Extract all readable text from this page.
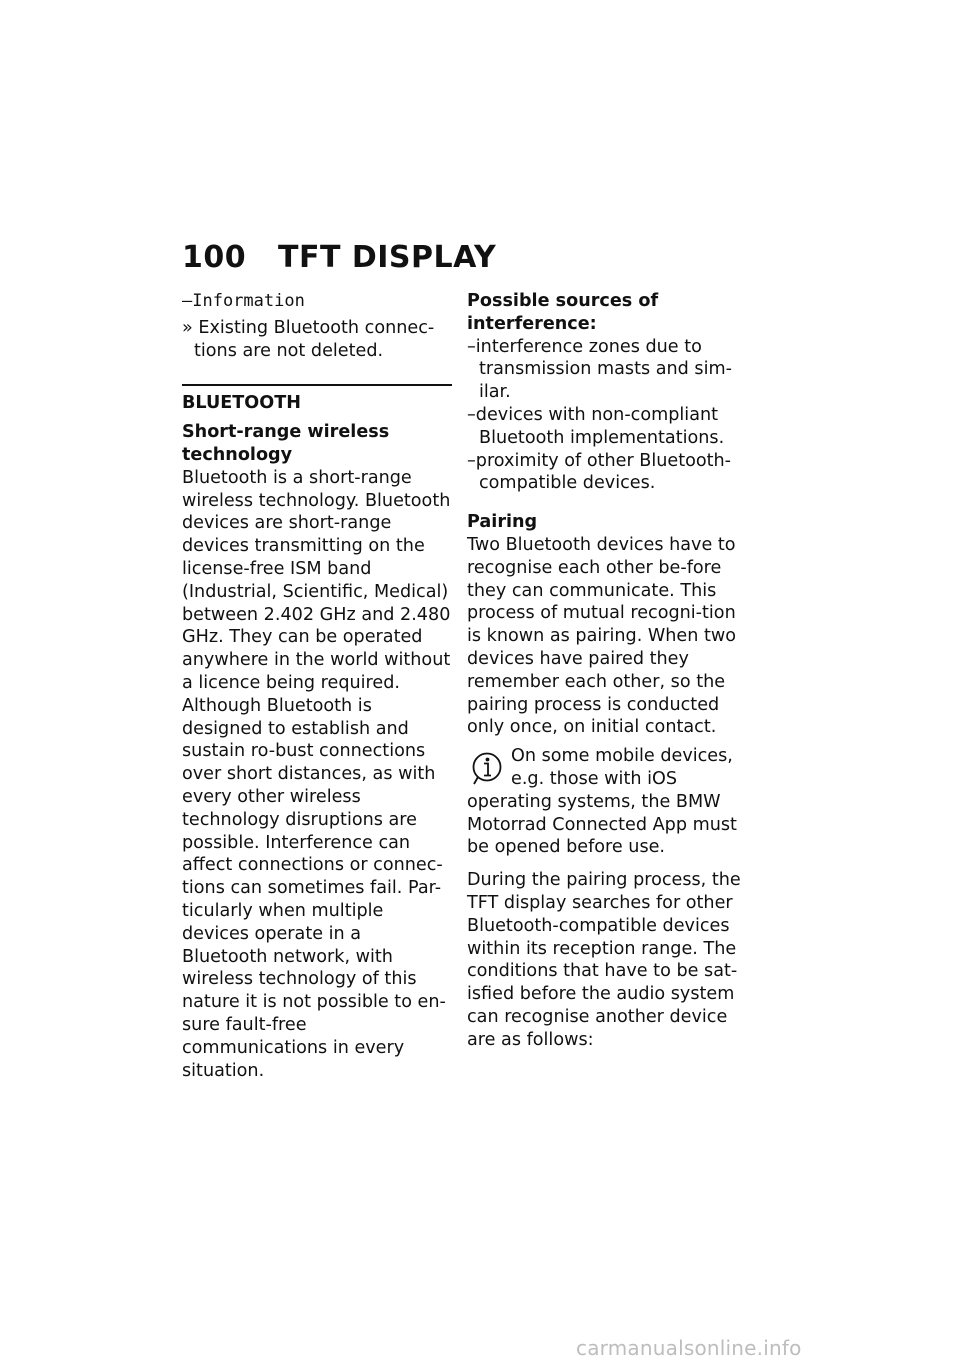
100 TFT DISPLAY

–Information

» Existing Bluetooth connec-tions are not deleted.

BLUETOOTH

Short-range wireless technology

Bluetooth is a short-range wireless technology. Bluetooth devices are short-range devices transmitting on the license-free ISM band (Industrial, Scientific, Medical) between 2.402 GHz and 2.480 GHz. They can be operated anywhere in the world without a licence being required.

Although Bluetooth is designed to establish and sustain ro-bust connections over short distances, as with every other wireless technology disruptions are possible. Interference can affect connections or connec-tions can sometimes fail. Par-ticularly when multiple devices operate in a Bluetooth network, with wireless technology of this nature it is not possible to en-sure fault-free communications in every situation.

Possible sources of interference:

–interference zones due to transmission masts and sim-ilar.

–devices with non-compliant Bluetooth implementations.

–proximity of other Bluetooth-compatible devices.

Pairing

Two Bluetooth devices have to recognise each other be-fore they can communicate. This process of mutual recogni-tion is known as pairing. When two devices have paired they remember each other, so the pairing process is conducted only once, on initial contact.

On some mobile devices,

e.g. those with iOS

operating systems, the BMW Motorrad Connected App must be opened before use.

During the pairing process, the TFT display searches for other Bluetooth-compatible devices within its reception range. The conditions that have to be sat-isfied before the audio system can recognise another device are as follows:

carmanualsonline.info
